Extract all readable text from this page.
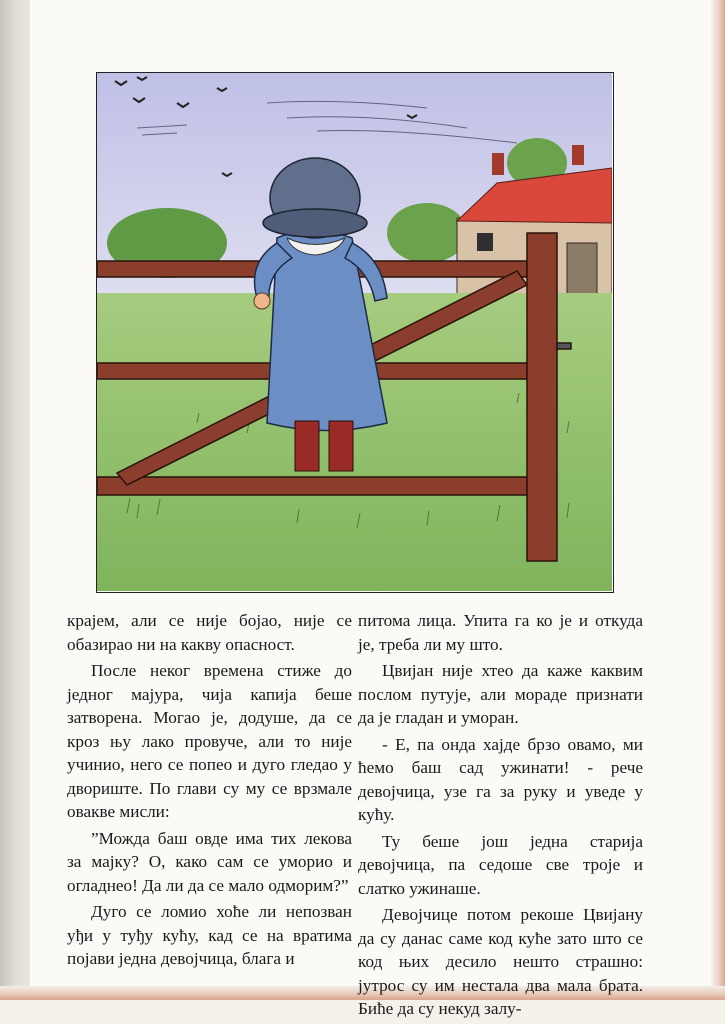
крајем, али се није бојао, није се обазирао ни на какву опасност.

После неког времена стиже до једног мајура, чија капија беше затворена. Могао је, додуше, да се кроз њу лако провуче, али то није учинио, него се попео и дуго гледао у двориште. По глави су му се врзмале овакве мисли:

”Можда баш овде има тих лекова за мајку? О, како сам се уморио и огладнео! Да ли да се мало одморим?”

Дуго се ломио хоће ли непозван уђи у туђу кућу, кад се на вратима појави једна девојчица, блага и

питома лица. Упита га ко је и откуда је, треба ли му што.

Цвијан није хтео да каже каквим послом путује, али мораде признати да је гладан и уморан.

- Е, па онда хајде брзо овамо, ми ћемо баш сад ужинати! - рече девојчица, узе га за руку и уведе у кућу.

Ту беше још једна старија девојчица, па седоше све троје и слатко ужинаше.

Девојчице потом рекоше Цвијану да су данас саме код куће зато што се код њих десило нешто страшно: јутрос су им нестала два мала брата. Биће да су некуд залу-
